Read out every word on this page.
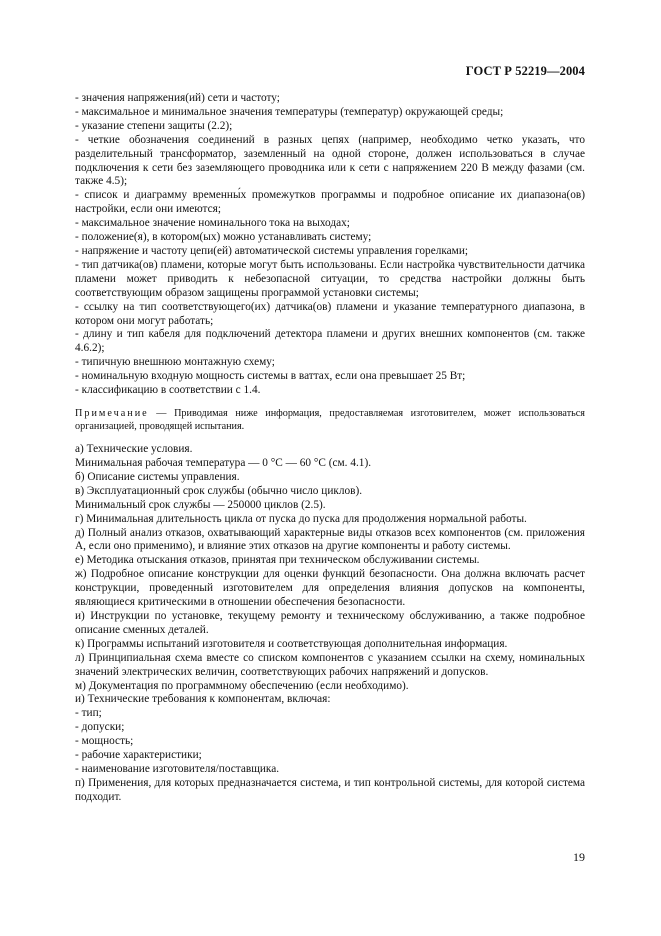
ГОСТ Р 52219—2004

- значения напряжения(ий) сети и частоту;

- максимальное и минимальное значения температуры (температур) окружающей среды;

- указание степени защиты (2.2);

- четкие обозначения соединений в разных цепях (например, необходимо четко указать, что разделительный трансформатор, заземленный на одной стороне, должен использоваться в случае подключения к сети без заземляющего проводника или к сети с напряжением 220 В между фазами (см. также 4.5);

- список и диаграмму временны́х промежутков программы и подробное описание их диапазона(ов) настройки, если они имеются;

- максимальное значение номинального тока на выходах;

- положение(я), в котором(ых) можно устанавливать систему;

- напряжение и частоту цепи(ей) автоматической системы управления горелками;

- тип датчика(ов) пламени, которые могут быть использованы. Если настройка чувствительности датчика пламени может приводить к небезопасной ситуации, то средства настройки должны быть соответствующим образом защищены программой установки системы;

- ссылку на тип соответствующего(их) датчика(ов) пламени и указание температурного диапазона, в котором они могут работать;

- длину и тип кабеля для подключений детектора пламени и других внешних компонентов (см. также 4.6.2);

- типичную внешнюю монтажную схему;

- номинальную входную мощность системы в ваттах, если она превышает 25 Вт;

- классификацию в соответствии с 1.4.

Примечание — Приводимая ниже информация, предоставляемая изготовителем, может использоваться организацией, проводящей испытания.

а) Технические условия.

Минимальная рабочая температура — 0 °С — 60 °С (см. 4.1).

б) Описание системы управления.

в) Эксплуатационный срок службы (обычно число циклов).

Минимальный срок службы — 250000 циклов (2.5).

г) Минимальная длительность цикла от пуска до пуска для продолжения нормальной работы.

д) Полный анализ отказов, охватывающий характерные виды отказов всех компонентов (см. приложения А, если оно применимо), и влияние этих отказов на другие компоненты и работу системы.

е) Методика отыскания отказов, принятая при техническом обслуживании системы.

ж) Подробное описание конструкции для оценки функций безопасности. Она должна включать расчет конструкции, проведенный изготовителем для определения влияния допусков на компоненты, являющиеся критическими в отношении обеспечения безопасности.

и) Инструкции по установке, текущему ремонту и техническому обслуживанию, а также подробное описание сменных деталей.

к) Программы испытаний изготовителя и соответствующая дополнительная информация.

л) Принципиальная схема вместе со списком компонентов с указанием ссылки на схему, номинальных значений электрических величин, соответствующих рабочих напряжений и допусков.

м) Документация по программному обеспечению (если необходимо).

и) Технические требования к компонентам, включая:

- тип;

- допуски;

- мощность;

- рабочие характеристики;

- наименование изготовителя/поставщика.

п) Применения, для которых предназначается система, и тип контрольной системы, для которой система подходит.

19
